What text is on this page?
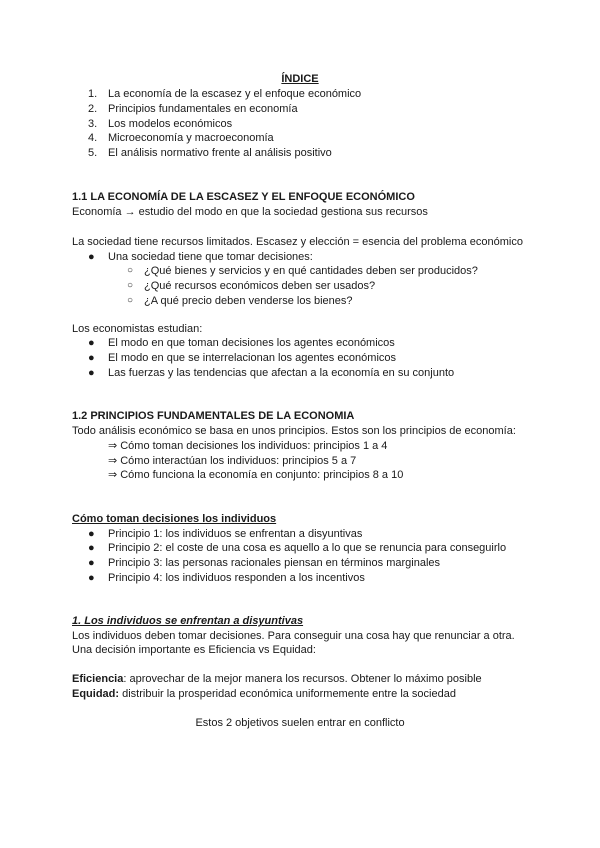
ÍNDICE
1. La economía de la escasez y el enfoque económico
2. Principios fundamentales en economía
3. Los modelos económicos
4. Microeconomía y macroeconomía
5. El análisis normativo frente al análisis positivo
1.1 LA ECONOMÍA DE LA ESCASEZ Y EL ENFOQUE ECONÓMICO
Economía → estudio del modo en que la sociedad gestiona sus recursos
La sociedad tiene recursos limitados. Escasez y elección = esencia del problema económico
● Una sociedad tiene que tomar decisiones:
○ ¿Qué bienes y servicios y en qué cantidades deben ser producidos?
○ ¿Qué recursos económicos deben ser usados?
○ ¿A qué precio deben venderse los bienes?
Los economistas estudian:
● El modo en que toman decisiones los agentes económicos
● El modo en que se interrelacionan los agentes económicos
● Las fuerzas y las tendencias que afectan a la economía en su conjunto
1.2 PRINCIPIOS FUNDAMENTALES DE LA ECONOMIA
Todo análisis económico se basa en unos principios. Estos son los principios de economía:
⇒ Cómo toman decisiones los individuos: principios 1 a 4
⇒ Cómo interactúan los individuos: principios 5 a 7
⇒ Cómo funciona la economía en conjunto: principios 8 a 10
Cómo toman decisiones los individuos
● Principio 1: los individuos se enfrentan a disyuntivas
● Principio 2: el coste de una cosa es aquello a lo que se renuncia para conseguirlo
● Principio 3: las personas racionales piensan en términos marginales
● Principio 4: los individuos responden a los incentivos
1. Los individuos se enfrentan a disyuntivas
Los individuos deben tomar decisiones. Para conseguir una cosa hay que renunciar a otra.
Una decisión importante es Eficiencia vs Equidad:
Eficiencia: aprovechar de la mejor manera los recursos. Obtener lo máximo posible
Equidad: distribuir la prosperidad económica uniformemente entre la sociedad
Estos 2 objetivos suelen entrar en conflicto
